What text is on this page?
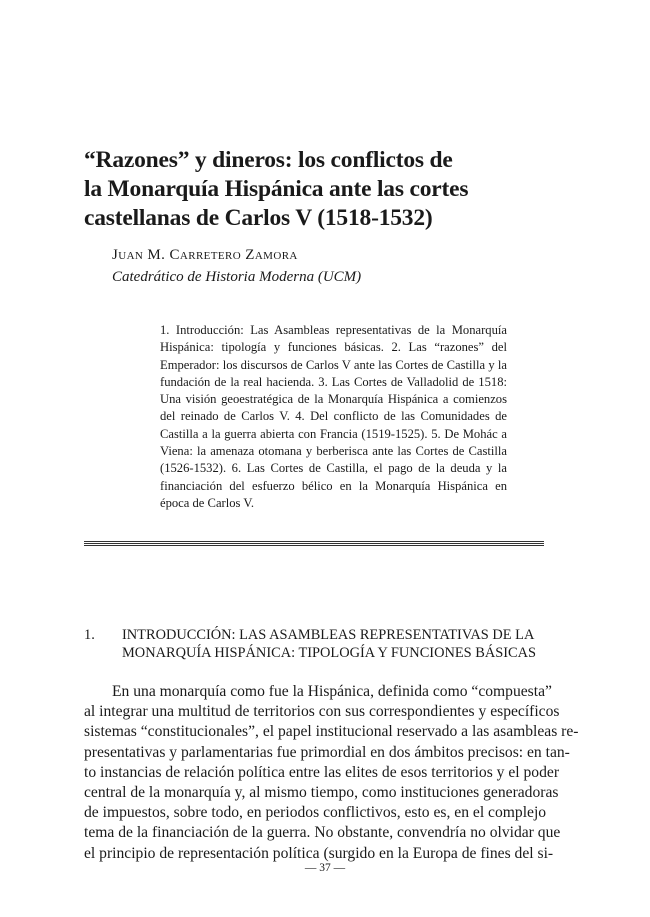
“Razones” y dineros: los conflictos de
la Monarquía Hispánica ante las cortes
castellanas de Carlos V (1518-1532)
Juan M. Carretero Zamora
Catedrático de Historia Moderna (UCM)
1. Introducción: Las Asambleas representativas de la Monarquía Hispánica: tipología y funciones básicas. 2. Las “razones” del Emperador: los discursos de Carlos V ante las Cortes de Castilla y la fundación de la real hacienda. 3. Las Cortes de Valladolid de 1518: Una visión geoestratégica de la Monarquía Hispánica a comienzos del reinado de Carlos V. 4. Del conflicto de las Comunidades de Castilla a la guerra abierta con Francia (1519-1525). 5. De Mohác a Viena: la amenaza otomana y berberisca ante las Cortes de Castilla (1526-1532). 6. Las Cortes de Castilla, el pago de la deuda y la financiación del esfuerzo bélico en la Monarquía Hispánica en época de Carlos V.
1. INTRODUCCIÓN: LAS ASAMBLEAS REPRESENTATIVAS DE LA MONARQUÍA HISPÁNICA: TIPOLOGÍA Y FUNCIONES BÁSICAS
En una monarquía como fue la Hispánica, definida como “compuesta”
al integrar una multitud de territorios con sus correspondientes y específicos
sistemas “constitucionales”, el papel institucional reservado a las asambleas re-
presentativas y parlamentarias fue primordial en dos ámbitos precisos: en tan-
to instancias de relación política entre las elites de esos territorios y el poder
central de la monarquía y, al mismo tiempo, como instituciones generadoras
de impuestos, sobre todo, en periodos conflictivos, esto es, en el complejo
tema de la financiación de la guerra. No obstante, convendría no olvidar que
el principio de representación política (surgido en la Europa de fines del si-
— 37 —
